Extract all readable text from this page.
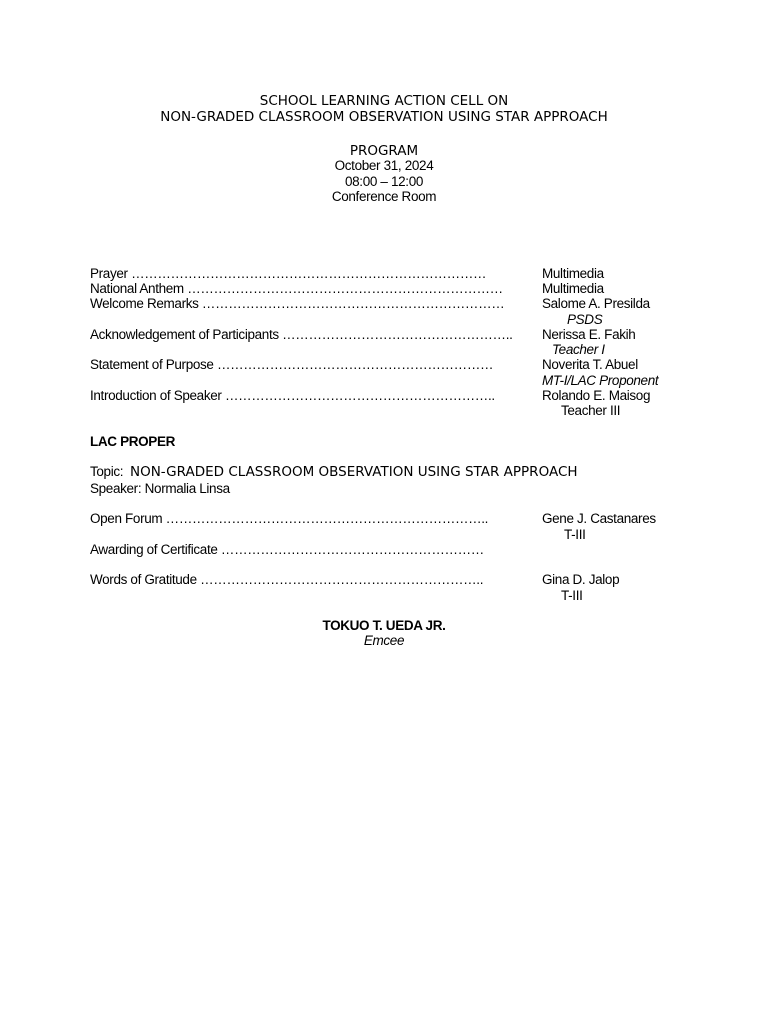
SCHOOL LEARNING ACTION CELL ON
NON-GRADED CLASSROOM OBSERVATION USING STAR APPROACH
PROGRAM
October 31, 2024
08:00 – 12:00
Conference Room
Prayer ………………………………………………………………………	Multimedia
National Anthem ………………………………………………………………	Multimedia
Welcome Remarks ……………………………………………………………	Salome A. Presilda
PSDS
Acknowledgement of Participants …………………………………………….. Nerissa E. Fakih
Teacher I
Statement of Purpose ………………………………………………………	Noverita T. Abuel
MT-I/LAC Proponent
Introduction of Speaker ……………………………………………………..	Rolando E. Maisog
Teacher III
LAC PROPER
Topic: NON-GRADED CLASSROOM OBSERVATION USING STAR APPROACH
Speaker: Normalia Linsa
Open Forum ………………………………………………………………..	Gene J. Castanares
T-III
Awarding of Certificate ……………………………………………………
Words of Gratitude ………………………………………………………..	Gina D. Jalop
T-III
TOKUO T. UEDA JR.
Emcee
